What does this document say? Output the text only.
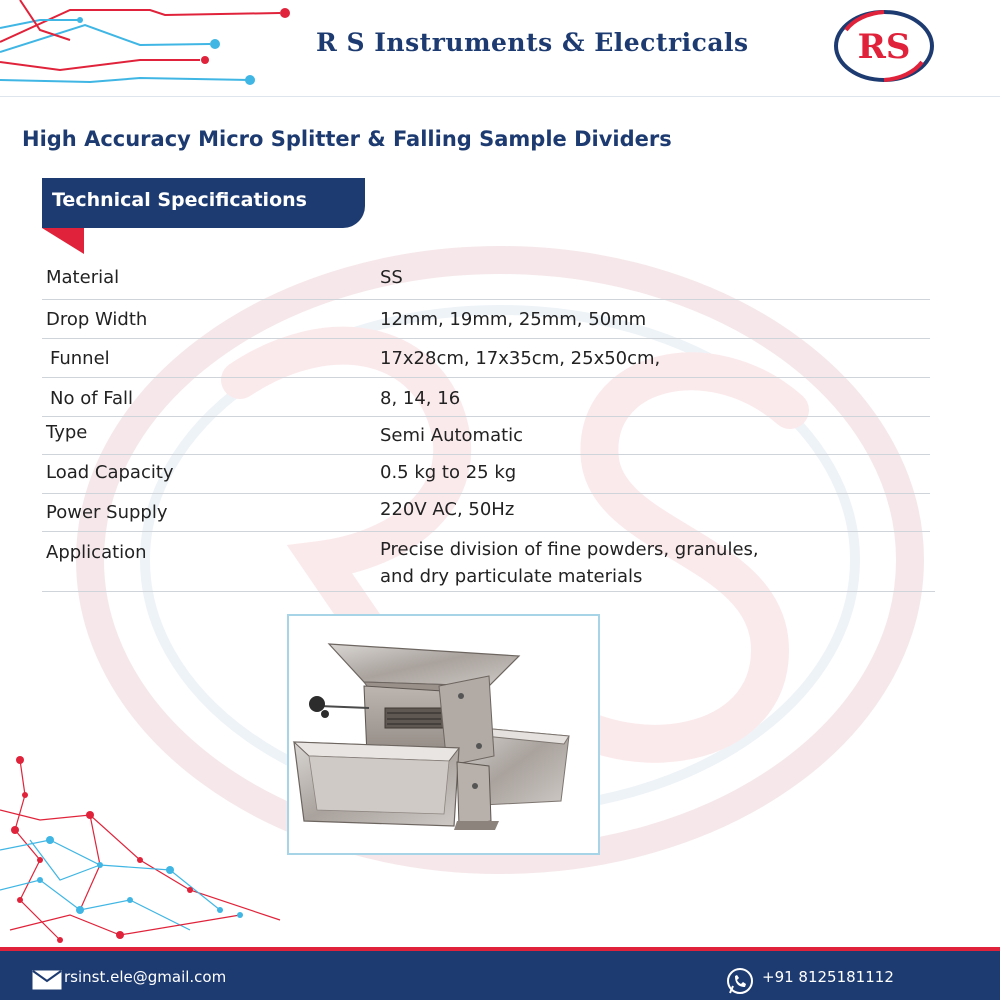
R S Instruments & Electricals	RS
High Accuracy Micro Splitter & Falling Sample Dividers
Technical Specifications
Material	SS
Drop Width	12mm, 19mm, 25mm, 50mm
Funnel	17x28cm, 17x35cm, 25x50cm,
No of Fall	8, 14, 16
Type	Semi Automatic
Load Capacity	0.5 kg to 25 kg
Power Supply	220V AC, 50Hz
Application	Precise division of fine powders, granules,
and dry particulate materials
rsinst.ele@gmail.com	+91 8125181112
